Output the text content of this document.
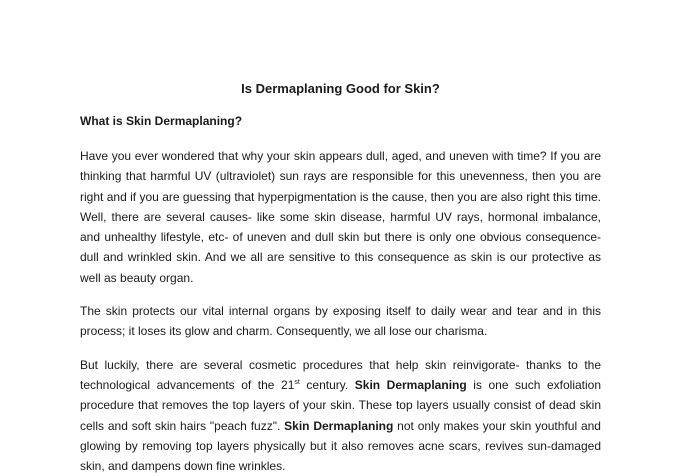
Is Dermaplaning Good for Skin?
What is Skin Dermaplaning?

Have you ever wondered that why your skin appears dull, aged, and uneven with time? If you are thinking that harmful UV (ultraviolet) sun rays are responsible for this unevenness, then you are right and if you are guessing that hyperpigmentation is the cause, then you are also right this time. Well, there are several causes- like some skin disease, harmful UV rays, hormonal imbalance, and unhealthy lifestyle, etc- of uneven and dull skin but there is only one obvious consequence- dull and wrinkled skin. And we all are sensitive to this consequence as skin is our protective as well as beauty organ.

The skin protects our vital internal organs by exposing itself to daily wear and tear and in this process; it loses its glow and charm. Consequently, we all lose our charisma.

But luckily, there are several cosmetic procedures that help skin reinvigorate- thanks to the technological advancements of the 21st century. Skin Dermaplaning is one such exfoliation procedure that removes the top layers of your skin. These top layers usually consist of dead skin cells and soft skin hairs "peach fuzz". Skin Dermaplaning not only makes your skin youthful and glowing by removing top layers physically but it also removes acne scars, revives sun-damaged skin, and dampens down fine wrinkles.
